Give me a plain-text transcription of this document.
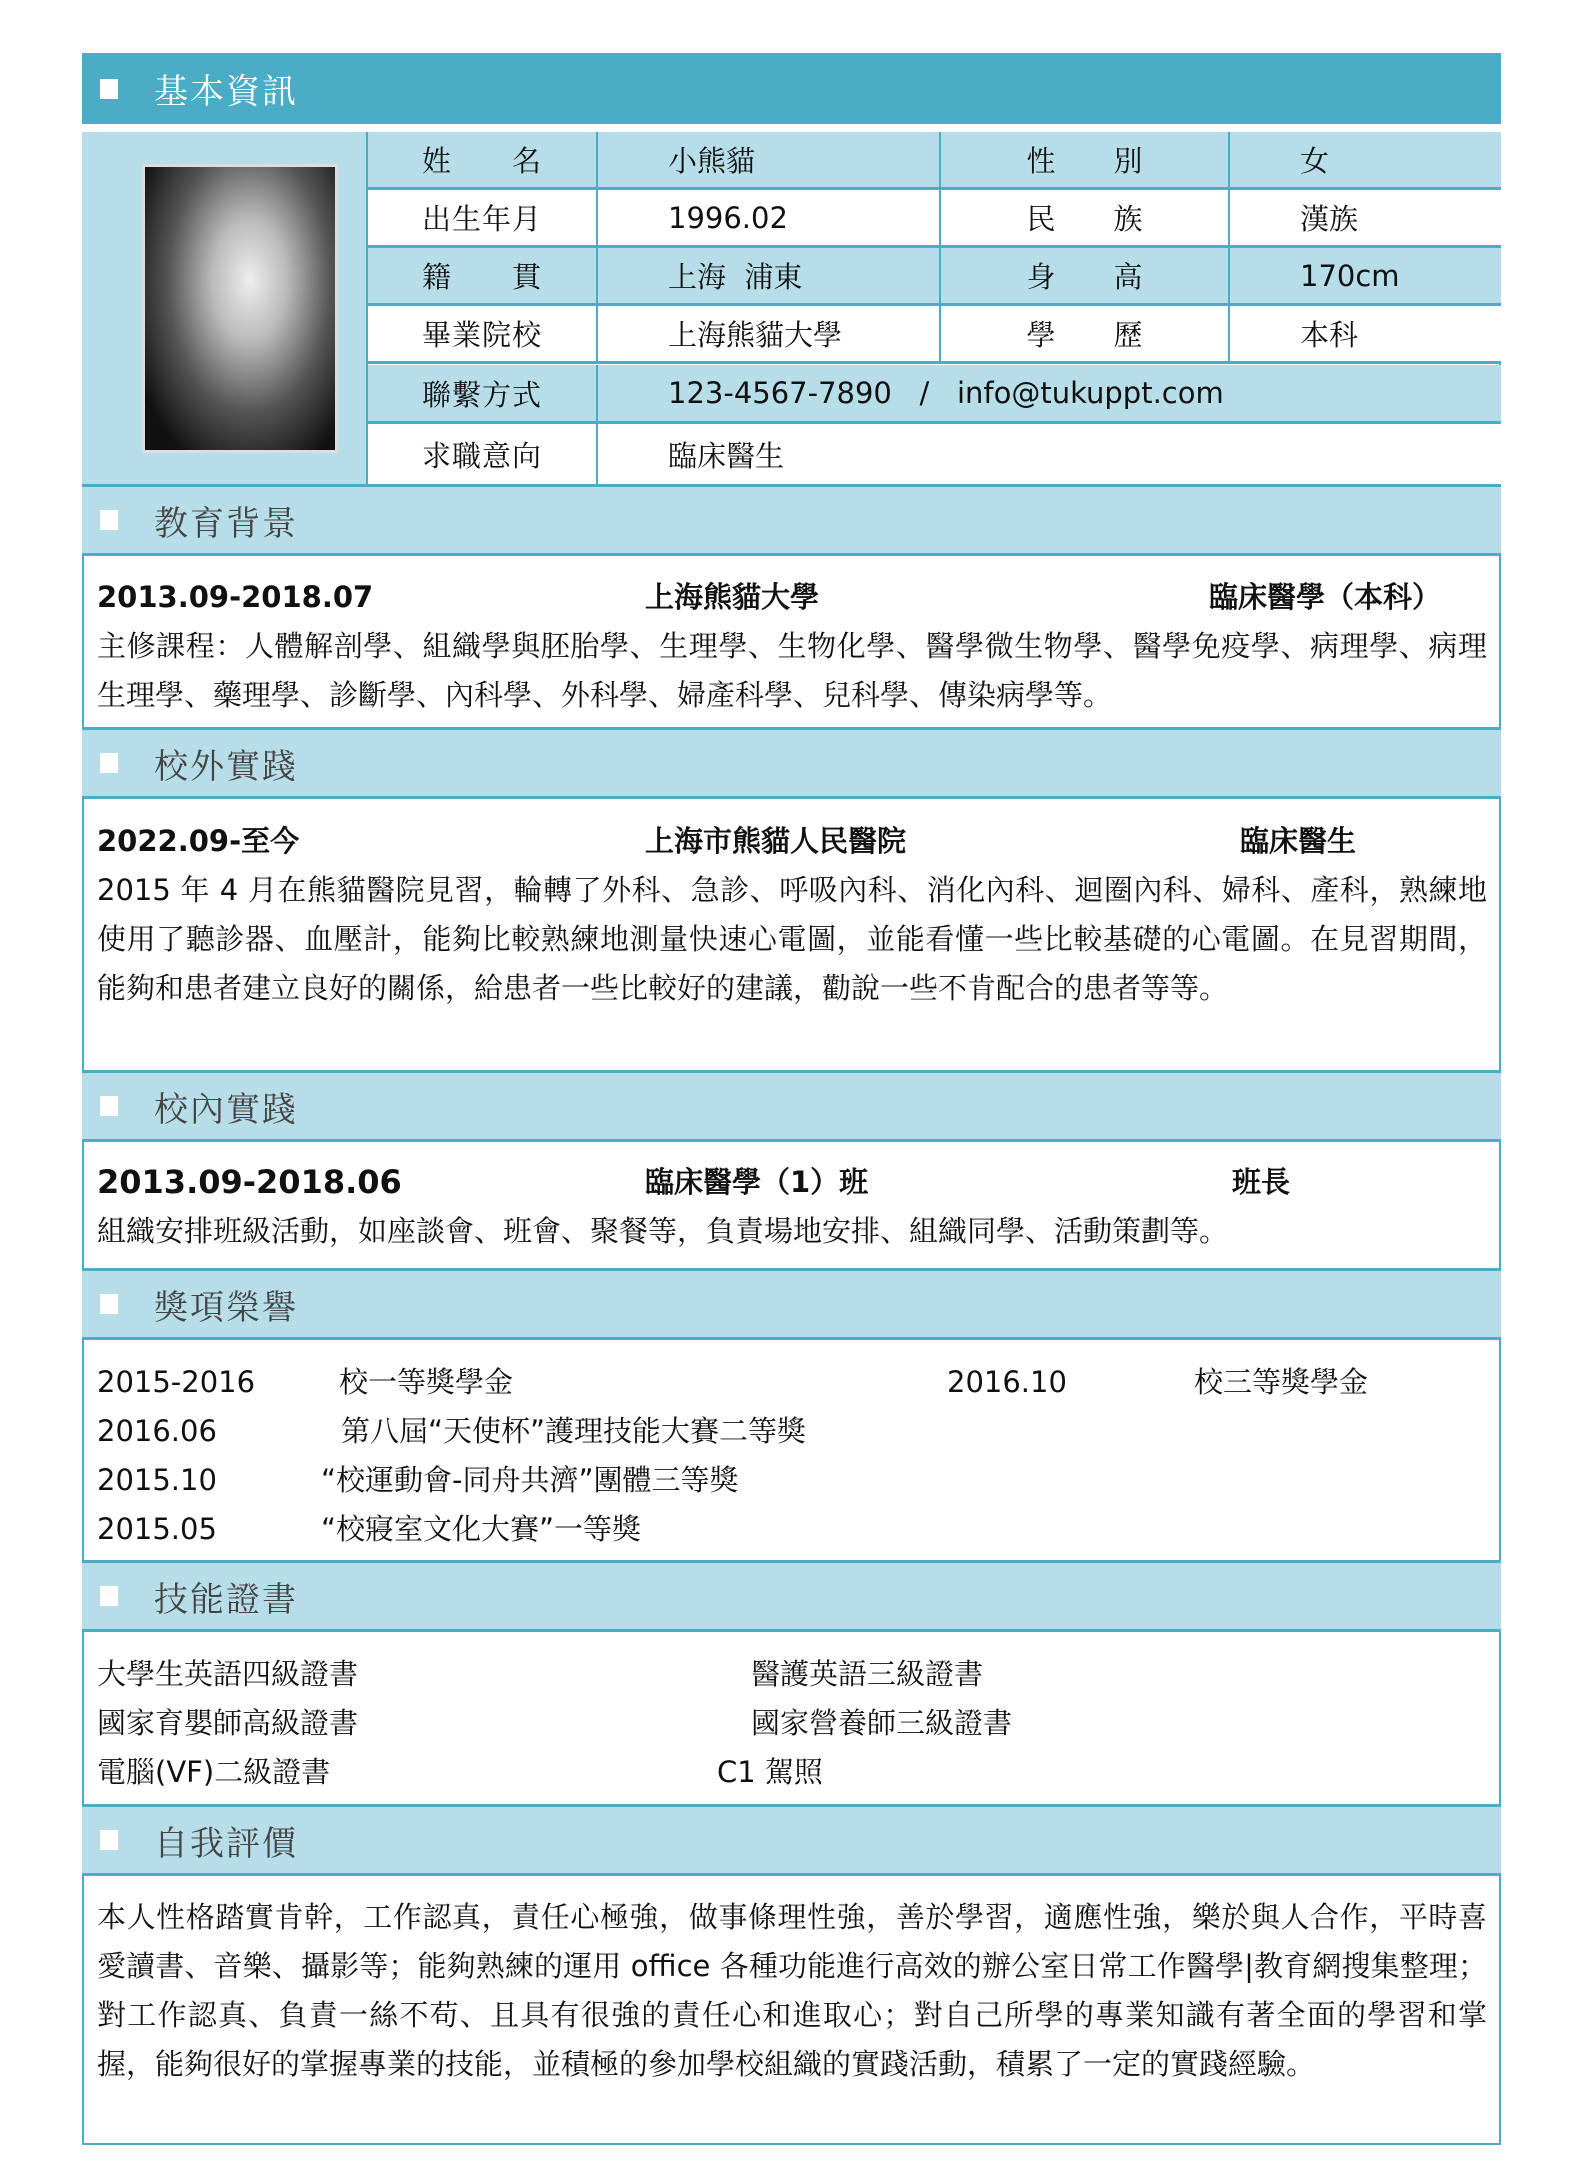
基本資訊
姓　　名	小熊貓	性　　別	女
出生年月	1996.02	民　　族	漢族
籍　　貫	上海  浦東	身　　高	170cm
畢業院校	上海熊貓大學	學　　歷	本科
聯繫方式	123-4567-7890   /   info@tukuppt.com
求職意向	臨床醫生
教育背景
2013.09-2018.07	上海熊貓大學	臨床醫學（本科）

主修課程：人體解剖學、組織學與胚胎學、生理學、生物化學、醫學微生物學、醫學免疫學、病理學、病理生理學、藥理學、診斷學、內科學、外科學、婦產科學、兒科學、傳染病學等。

校外實踐
2022.09-至今	上海市熊貓人民醫院	臨床醫生

2015 年 4 月在熊貓醫院見習，輪轉了外科、急診、呼吸內科、消化內科、迴圈內科、婦科、產科，熟練地使用了聽診器、血壓計，能夠比較熟練地測量快速心電圖，並能看懂一些比較基礎的心電圖。在見習期間，能夠和患者建立良好的關係，給患者一些比較好的建議，勸說一些不肯配合的患者等等。

校內實踐
2013.09-2018.06	臨床醫學（1）班	班長

組織安排班級活動，如座談會、班會、聚餐等，負責場地安排、組織同學、活動策劃等。

獎項榮譽
2015-2016	校一等獎學金	2016.10	校三等獎學金
2016.06	第八屆“天使杯”護理技能大賽二等獎
2015.10	“校運動會-同舟共濟”團體三等獎
2015.05	“校寢室文化大賽”一等獎
技能證書
大學生英語四級證書	醫護英語三級證書
國家育嬰師高級證書	國家營養師三級證書
電腦(VF)二級證書	C1 駕照
自我評價

本人性格踏實肯幹，工作認真，責任心極強，做事條理性強，善於學習，適應性強，樂於與人合作，平時喜愛讀書、音樂、攝影等；能夠熟練的運用 office 各種功能進行高效的辦公室日常工作醫學|教育網搜集整理；對工作認真、負責一絲不苟、且具有很強的責任心和進取心；對自己所學的專業知識有著全面的學習和掌握，能夠很好的掌握專業的技能，並積極的參加學校組織的實踐活動，積累了一定的實踐經驗。
